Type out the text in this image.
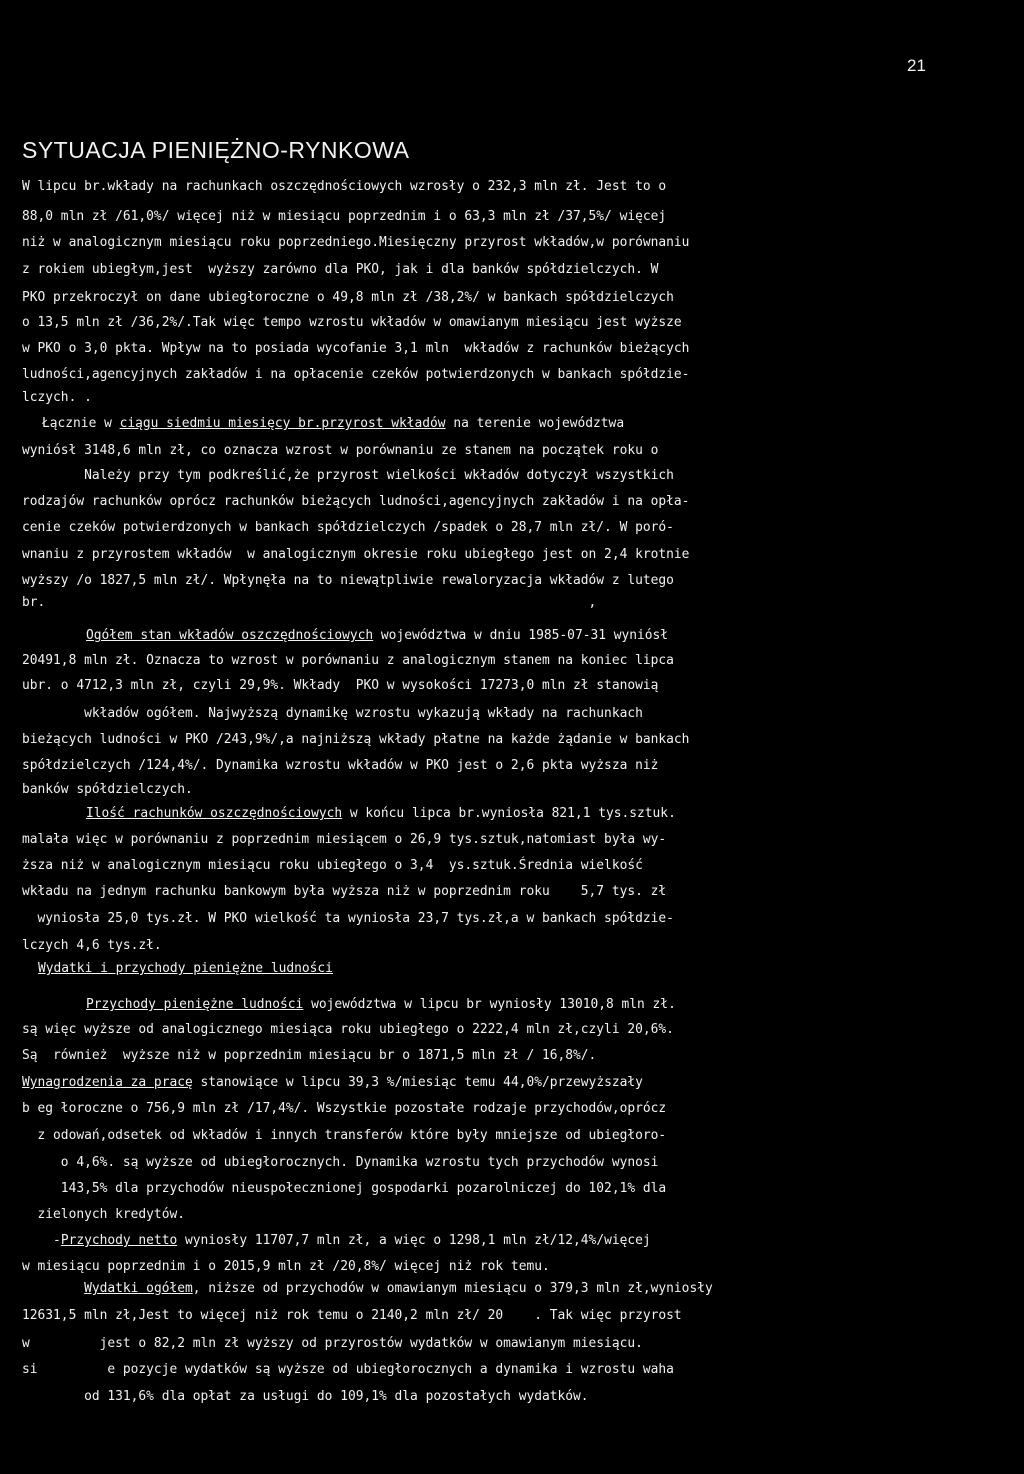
21
SYTUACJA PIENIĘŻNO-RYNKOWA

W lipcu br.wkłady na rachunkach oszczędnościowych wzrosły o 232,3 mln zł. Jest to o

88,0 mln zł /61,0%/ więcej niż w miesiącu poprzednim i o 63,3 mln zł /37,5%/ więcej

niż w analogicznym miesiącu roku poprzedniego.Miesięczny przyrost wkładów,w porównaniu

z rokiem ubiegłym,jest  wyższy zarówno dla PKO, jak i dla banków spółdzielczych. W

PKO przekroczył on dane ubiegłoroczne o 49,8 mln zł /38,2%/ w bankach spółdzielczych

o 13,5 mln zł /36,2%/.Tak więc tempo wzrostu wkładów w omawianym miesiącu jest wyższe

w PKO o 3,0 pkta. Wpływ na to posiada wycofanie 3,1 mln  wkładów z rachunków bieżących

ludności,agencyjnych zakładów i na opłacenie czeków potwierdzonych w bankach spółdzie-

lczych. .

Łącznie w ciągu siedmiu miesięcy br.przyrost wkładów na terenie województwa

wyniósł 3148,6 mln zł, co oznacza wzrost w porównaniu ze stanem na początek roku o

Należy przy tym podkreślić,że przyrost wielkości wkładów dotyczył wszystkich

rodzajów rachunków oprócz rachunków bieżących ludności,agencyjnych zakładów i na opła-

cenie czeków potwierdzonych w bankach spółdzielczych /spadek o 28,7 mln zł/. W poró-

wnaniu z przyrostem wkładów  w analogicznym okresie roku ubiegłego jest on 2,4 krotnie

wyższy /o 1827,5 mln zł/. Wpłynęła na to niewątpliwie rewaloryzacja wkładów z lutego

br.                                                                      ,

Ogółem stan wkładów oszczędnościowych województwa w dniu 1985-07-31 wyniósł

20491,8 mln zł. Oznacza to wzrost w porównaniu z analogicznym stanem na koniec lipca

ubr. o 4712,3 mln zł, czyli 29,9%. Wkłady  PKO w wysokości 17273,0 mln zł stanowią

wkładów ogółem. Najwyższą dynamikę wzrostu wykazują wkłady na rachunkach

bieżących ludności w PKO /243,9%/,a najniższą wkłady płatne na każde żądanie w bankach

spółdzielczych /124,4%/. Dynamika wzrostu wkładów w PKO jest o 2,6 pkta wyższa niż

banków spółdzielczych.

Ilość rachunków oszczędnościowych w końcu lipca br.wyniosła 821,1 tys.sztuk.

malała więc w porównaniu z poprzednim miesiącem o 26,9 tys.sztuk,natomiast była wy-

ższa niż w analogicznym miesiącu roku ubiegłego o 3,4  ys.sztuk.Średnia wielkość

wkładu na jednym rachunku bankowym była wyższa niż w poprzednim roku    5,7 tys. zł

wyniosła 25,0 tys.zł. W PKO wielkość ta wyniosła 23,7 tys.zł,a w bankach spółdzie-

lczych 4,6 tys.zł.

Wydatki i przychody pieniężne ludności

Przychody pieniężne ludności województwa w lipcu br wyniosły 13010,8 mln zł.

są więc wyższe od analogicznego miesiąca roku ubiegłego o 2222,4 mln zł,czyli 20,6%.

Są  również  wyższe niż w poprzednim miesiącu br o 1871,5 mln zł / 16,8%/.

Wynagrodzenia za pracę stanowiące w lipcu 39,3 %/miesiąc temu 44,0%/przewyższały

b eg łoroczne o 756,9 mln zł /17,4%/. Wszystkie pozostałe rodzaje przychodów,oprócz

z odowań,odsetek od wkładów i innych transferów które były mniejsze od ubiegłoro-

o 4,6%. są wyższe od ubiegłorocznych. Dynamika wzrostu tych przychodów wynosi

143,5% dla przychodów nieuspołecznionej gospodarki pozarolniczej do 102,1% dla

zielonych kredytów.

-Przychody netto wyniosły 11707,7 mln zł, a więc o 1298,1 mln zł/12,4%/więcej

w miesiącu poprzednim i o 2015,9 mln zł /20,8%/ więcej niż rok temu.

Wydatki ogółem, niższe od przychodów w omawianym miesiącu o 379,3 mln zł,wyniosły

12631,5 mln zł,Jest to więcej niż rok temu o 2140,2 mln zł/ 20    . Tak więc przyrost

w         jest o 82,2 mln zł wyższy od przyrostów wydatków w omawianym miesiącu.

si         e pozycje wydatków są wyższe od ubiegłorocznych a dynamika i wzrostu waha

od 131,6% dla opłat za usługi do 109,1% dla pozostałych wydatków.
